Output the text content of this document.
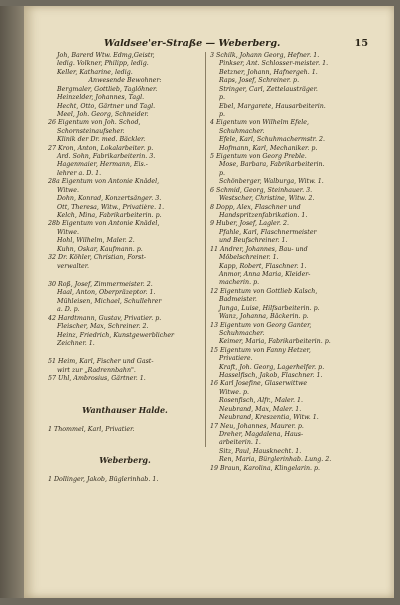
Waldsee'er-Straße — Weberberg.	15
Joh, Barerd Wtw. Edmg,Geistr,
ledig. Volkner, Philipp, ledig.
Keller, Katharine, ledig.
Anwesende Bewohner:
Bergmaler, Gottlieb, Taglöhner.
Heinzelder, Johannes, Tagl.
Hecht, Otto, Gärtner und Tagl.
Meel, Joh. Georg, Schneider.
26 Eigentum von Joh. Schod,
Schornsteinaufseher.
Klinik der Dr. med. Bäckler.
27 Kron, Anton, Lokalarbeiter. p.
Ard. Sohn, Fabrikarbeiterin. 3.
Hagenmaier, Hermann, Eis.-
lehrer a. D. 1.
28a Eigentum von Antonie Knädel,
Witwe.
Dohn, Konrad, Konzertsänger. 3.
Ott, Theresa, Witw., Privatière. 1.
Kelch, Mina, Fabrikarbeiterin. p.
28b Eigentum von Antonie Knädel,
Witwe.
Hohl, Wilhelm, Maler. 2.
Kuhn, Oskar, Kaufmann. p.
32 Dr. Köhler, Christian, Forst-
verwalter.
30 Roß, Josef, Zimmermeister. 2.
Haal, Anton, Oberpräzeptor. 1.
Mühleisen, Michael, Schullehrer
a. D. p.
42 Hardtmann, Gustav, Privatier. p.
Fleischer, Max, Schreiner. 2.
Heinz, Friedrich, Kunstgewerblicher
Zeichner. 1.
51 Heim, Karl, Fischer und Gast-
wirt zur „Radrennbahn".
57 Uhl, Ambrosius, Gärtner. 1.
Wanthauser Halde.
1 Thommel, Karl, Privatier.
Weberberg.
1 Dollinger, Jakob, Büglerinhab. 1.
3 Schilk, Johann Georg, Hefner. 1.
Pinkser, Ant. Schlosser-meister. 1.
Betzner, Johann, Hafnergeh. 1.
Raps, Josef, Schreiner. p.
Stringer, Carl, Zettelausträger.
p.
Ebel, Margarete, Hausarbeiterin.
p.
4 Eigentum von Wilhelm Efele,
Schuhmacher.
Efele, Karl, Schuhmachermstr. 2.
Hofmann, Karl, Mechaniker. p.
5 Eigentum von Georg Preble.
Mose, Barbara, Fabrikarbeiterin.
p.
Schönberger, Walburga, Witw. 1.
6 Schmid, Georg, Steinhauer. 3.
Westscher, Christine, Witw. 2.
8 Dopp, Alex, Flaschner und
Handspritzenfabrikation. 1.
9 Huber, Josef, Lagler. 2.
Pfahle, Karl, Flaschnermeister
und Beufschreiner. 1.
11 Andrer, Johannes, Bau- und
Möbelschreiner. 1.
Kapp, Robert, Flaschner. 1.
Anmor, Anna Maria, Kleider-
macherin. p.
12 Eigentum von Gottlieb Kalsch,
Badmeister.
Junga, Luise, Hilfsarbeiterin. p.
Wanz, Johanna, Bäckerin. p.
13 Eigentum von Georg Ganter,
Schuhmacher.
Keimer, Maria, Fabrikarbeiterin. p.
15 Eigentum von Fanny Hetzer,
Privatiere.
Kraft, Joh. Georg, Lagerhelfer. p.
Hasselfisch, Jakob, Flaschner. 1.
16 Karl Josefine, Glaserwittwe
Witwe. p.
Rosenfisch, Alfr., Maler. 1.
Neubrand, Max, Maler. 1.
Neubrand, Kreszentia, Witw. 1.
17 Neu, Johannes, Maurer. p.
Dreher, Magdalena, Haus-
arbeiterin. 1.
Sitz, Paul, Hausknecht. 1.
Ren, Maria, Bürglerinhab. Lung. 2.
19 Braun, Karolina, Klingelarin. p.
